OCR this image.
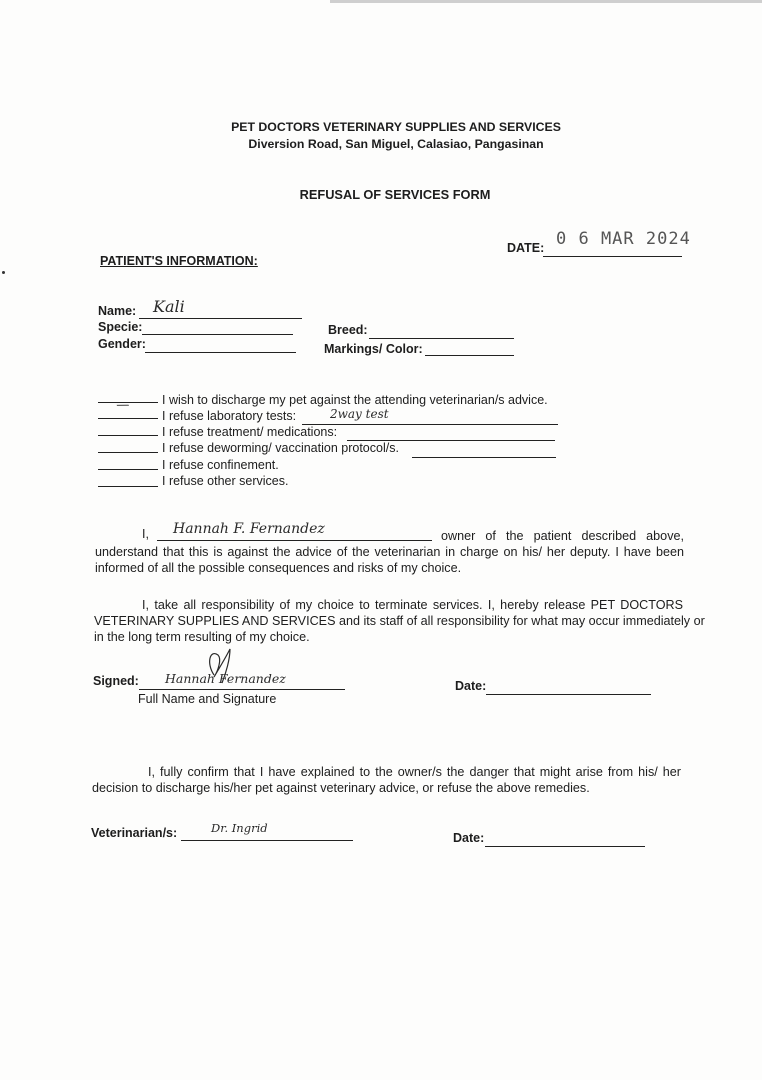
PET DOCTORS VETERINARY SUPPLIES AND SERVICES
Diversion Road, San Miguel, Calasiao, Pangasinan
REFUSAL OF SERVICES FORM
DATE: 0 6 MAR 2024
PATIENT'S INFORMATION:
Name: Kali
Specie:
Gender:
Breed:
Markings/ Color:
I wish to discharge my pet against the attending veterinarian/s advice.
/
I refuse laboratory tests:	2way test
I refuse treatment/ medications:
I refuse deworming/ vaccination protocol/s.
I refuse confinement.
I refuse other services.
I, Hannah F. Fernandez	owner of the patient described above,
understand that this is against the advice of the veterinarian in charge on his/ her deputy. I have been
informed of all the possible consequences and risks of my choice.
I, take all responsibility of my choice to terminate services. I, hereby release PET DOCTORS
VETERINARY SUPPLIES AND SERVICES and its staff of all responsibility for what may occur immediately or
in the long term resulting of my choice.
Signed: Hannah Fernandez
Full Name and Signature
Date:
I, fully confirm that I have explained to the owner/s the danger that might arise from his/ her
decision to discharge his/her pet against veterinary advice, or refuse the above remedies.
Veterinarian/s:	Dr. Ingrid
Date:
